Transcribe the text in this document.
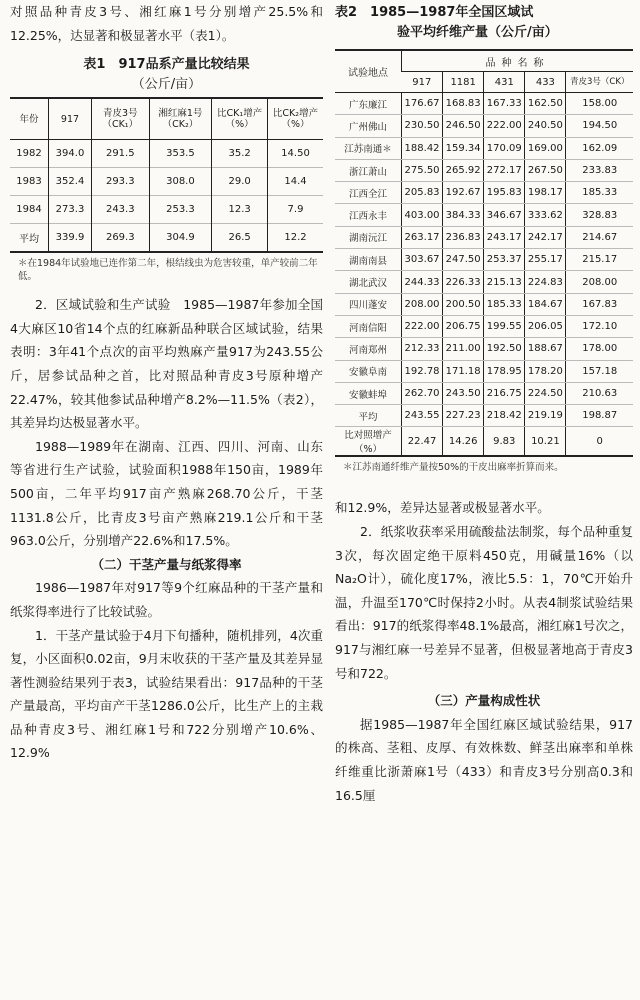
对照品种青皮3号、湘红麻1号分别增产25.5%和12.25%，达显著和极显著水平（表1）。

表1　917品系产量比较结果
（公斤/亩）
年份	917	青皮3号（CK₁）	湘红麻1号（CK₂）	比CK₁增产（%）	比CK₂增产（%）
1982	394.0	291.5	353.5	35.2	14.50
1983	352.4	293.3	308.0	29.0	14.4
1984	273.3	243.3	253.3	12.3	7.9
平均	339.9	269.3	304.9	26.5	12.2
＊在1984年试验地已连作第二年，根结线虫为危害较重，单产较前二年低。

2．区域试验和生产试验　1985—1987年参加全国4大麻区10省14个点的红麻新品种联合区域试验，结果表明：3年41个点次的亩平均熟麻产量917为243.55公斤，居参试品种之首，比对照品种青皮3号原种增产22.47%，较其他参试品种增产8.2%—11.5%（表2），其差异均达极显著水平。

1988—1989年在湖南、江西、四川、河南、山东等省进行生产试验，试验面积1988年150亩，1989年500亩，二年平均917亩产熟麻268.70公斤，干茎1131.8公斤，比青皮3号亩产熟麻219.1公斤和干茎963.0公斤，分别增产22.6%和17.5%。

（二）干茎产量与纸浆得率

1986—1987年对917等9个红麻品种的干茎产量和纸浆得率进行了比较试验。

1．干茎产量试验于4月下旬播种，随机排列，4次重复，小区面积0.02亩，9月末收获的干茎产量及其差异显著性测验结果列于表3，试验结果看出：917品种的干茎产量最高，平均亩产干茎1286.0公斤，比生产上的主栽品种青皮3号、湘红麻1号和722分别增产10.6%、12.9%

表2　1985—1987年全国区域试
验平均纤维产量（公斤/亩）
试验地点	品种名称				
	917	1181	431	433	青皮3号（CK）
广东廉江	176.67	168.83	167.33	162.50	158.00
广州佛山	230.50	246.50	222.00	240.50	194.50
江苏南通＊	188.42	159.34	170.09	169.00	162.09
浙江萧山	275.50	265.92	272.17	267.50	233.83
江西全江	205.83	192.67	195.83	198.17	185.33
江西永丰	403.00	384.33	346.67	333.62	328.83
湖南沅江	263.17	236.83	243.17	242.17	214.67
湖南南县	303.67	247.50	253.37	255.17	215.17
湖北武汉	244.33	226.33	215.13	224.83	208.00
四川蓬安	208.00	200.50	185.33	184.67	167.83
河南信阳	222.00	206.75	199.55	206.05	172.10
河南郑州	212.33	211.00	192.50	188.67	178.00
安徽阜南	192.78	171.18	178.95	178.20	157.18
安徽蚌埠	262.70	243.50	216.75	224.50	210.63
平均	243.55	227.23	218.42	219.19	198.87
比对照增产（%）	22.47	14.26	9.83	10.21	0
＊江苏南通纤维产量按50%的干皮出麻率折算而来。

和12.9%，差异达显著或极显著水平。

2．纸浆收获率采用硫酸盐法制浆，每个品种重复3次，每次固定绝干原料450克，用碱量16%（以Na₂O计），硫化度17%，液比5.5：1，70℃开始升温，升温至170℃时保持2小时。从表4制浆试验结果看出：917的纸浆得率48.1%最高，湘红麻1号次之，917与湘红麻一号差异不显著，但极显著地高于青皮3号和722。

（三）产量构成性状

据1985—1987年全国红麻区域试验结果，917的株高、茎粗、皮厚、有效株数、鲜茎出麻率和单株纤维重比浙萧麻1号（433）和青皮3号分别高0.3和16.5厘
